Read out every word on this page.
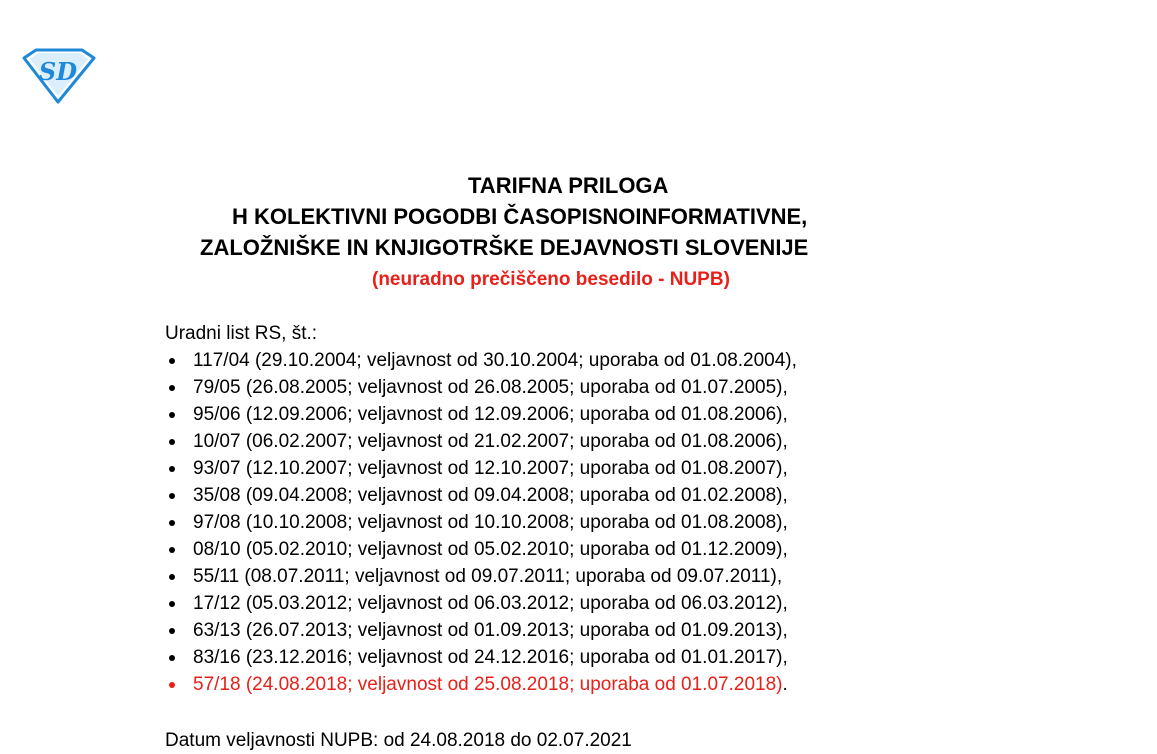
SD
TARIFNA PRILOGA
H KOLEKTIVNI POGODBI ČASOPISNOINFORMATIVNE,
ZALOŽNIŠKE IN KNJIGOTRŠKE DEJAVNOSTI SLOVENIJE
(neuradno prečiščeno besedilo - NUPB)
Uradni list RS, št.:
117/04 (29.10.2004; veljavnost od 30.10.2004; uporaba od 01.08.2004),
79/05 (26.08.2005; veljavnost od 26.08.2005; uporaba od 01.07.2005),
95/06 (12.09.2006; veljavnost od 12.09.2006; uporaba od 01.08.2006),
10/07 (06.02.2007; veljavnost od 21.02.2007; uporaba od 01.08.2006),
93/07 (12.10.2007; veljavnost od 12.10.2007; uporaba od 01.08.2007),
35/08 (09.04.2008; veljavnost od 09.04.2008; uporaba od 01.02.2008),
97/08 (10.10.2008; veljavnost od 10.10.2008; uporaba od 01.08.2008),
08/10 (05.02.2010; veljavnost od 05.02.2010; uporaba od 01.12.2009),
55/11 (08.07.2011; veljavnost od 09.07.2011; uporaba od 09.07.2011),
17/12 (05.03.2012; veljavnost od 06.03.2012; uporaba od 06.03.2012),
63/13 (26.07.2013; veljavnost od 01.09.2013; uporaba od 01.09.2013),
83/16 (23.12.2016; veljavnost od 24.12.2016; uporaba od 01.01.2017),
57/18 (24.08.2018; veljavnost od 25.08.2018; uporaba od 01.07.2018).
Datum veljavnosti NUPB: od 24.08.2018 do 02.07.2021
